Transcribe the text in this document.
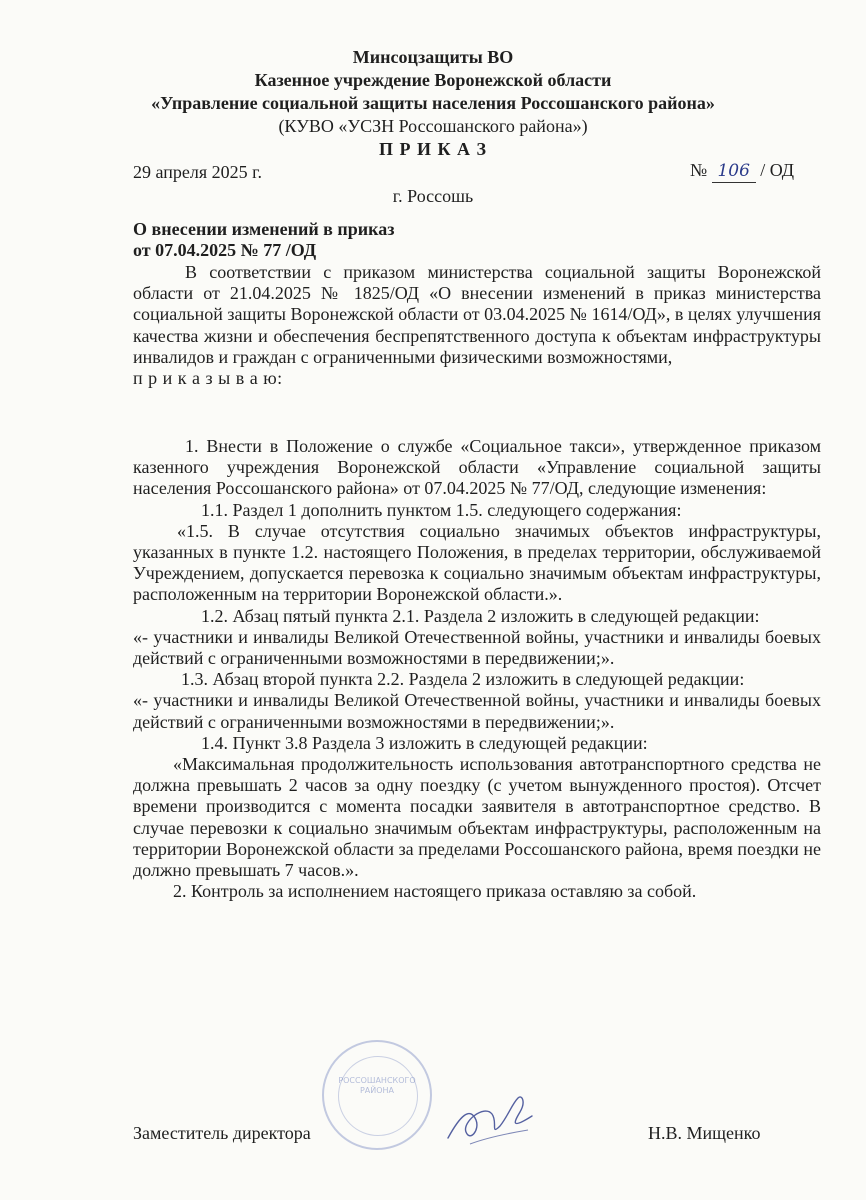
Минсоцзащиты ВО
Казенное учреждение Воронежской области
«Управление социальной защиты населения Россошанского района»
(КУВО «УСЗН Россошанского района»)
П Р И К А З
29 апреля 2025 г.	№ 106 / ОД
г. Россошь
О внесении изменений в приказ
от 07.04.2025 № 77 /ОД

В соответствии с приказом министерства социальной защиты Воронежской области от 21.04.2025 № 1825/ОД «О внесении изменений в приказ министерства социальной защиты Воронежской области от 03.04.2025 № 1614/ОД», в целях улучшения качества жизни и обеспечения беспрепятственного доступа к объектам инфраструктуры инвалидов и граждан с ограниченными физическими возможностями,

п р и к а з ы в а ю:

1. Внести в Положение о службе «Социальное такси», утвержденное приказом казенного учреждения Воронежской области «Управление социальной защиты населения Россошанского района» от 07.04.2025 № 77/ОД, следующие изменения:

1.1. Раздел 1 дополнить пунктом 1.5. следующего содержания:

«1.5. В случае отсутствия социально значимых объектов инфраструктуры, указанных в пункте 1.2. настоящего Положения, в пределах территории, обслуживаемой Учреждением, допускается перевозка к социально значимым объектам инфраструктуры, расположенным на территории Воронежской области.».

1.2. Абзац пятый пункта 2.1. Раздела 2 изложить в следующей редакции:

«- участники и инвалиды Великой Отечественной войны, участники и инвалиды боевых действий с ограниченными возможностями в передвижении;».

1.3. Абзац второй пункта 2.2. Раздела 2 изложить в следующей редакции:

«- участники и инвалиды Великой Отечественной войны, участники и инвалиды боевых действий с ограниченными возможностями в передвижении;».

1.4. Пункт 3.8 Раздела 3 изложить в следующей редакции:

«Максимальная продолжительность использования автотранспортного средства не должна превышать 2 часов за одну поездку (с учетом вынужденного простоя). Отсчет времени производится с момента посадки заявителя в автотранспортное средство. В случае перевозки к социально значимым объектам инфраструктуры, расположенным на территории Воронежской области за пределами Россошанского района, время поездки не должно превышать 7 часов.».

2. Контроль за исполнением настоящего приказа оставляю за собой.

РОССОШАНСКОГО РАЙОНА
Заместитель директора	Н.В. Мищенко
